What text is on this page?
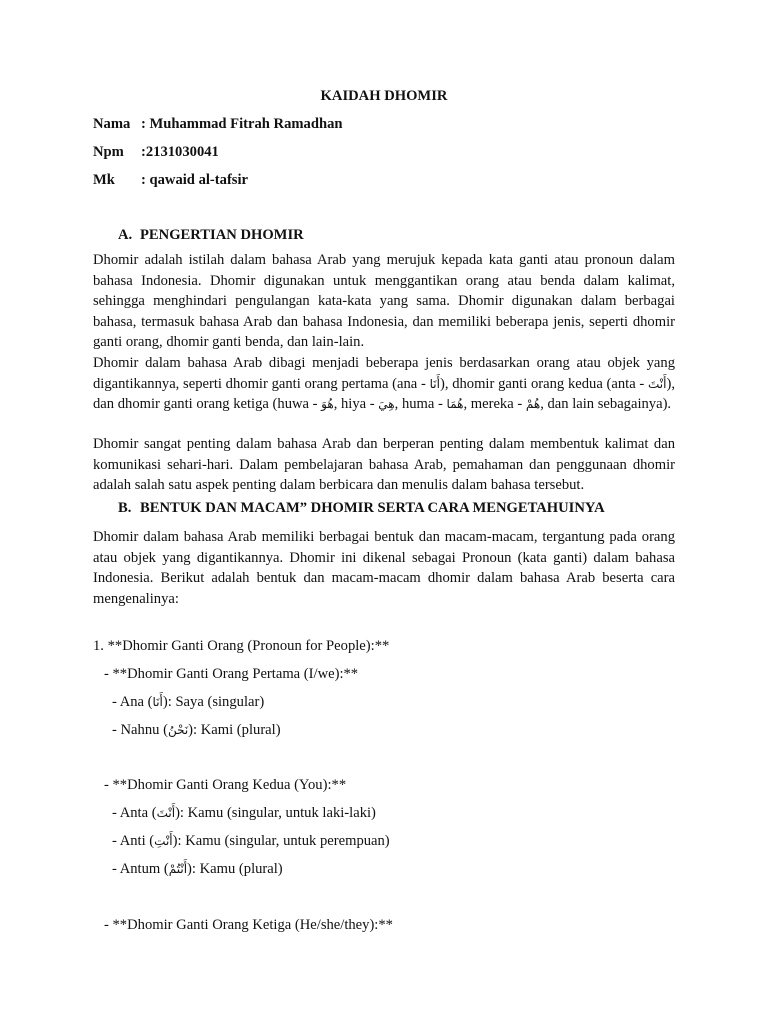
KAIDAH DHOMIR
Nama : Muhammad Fitrah Ramadhan
Npm :2131030041
Mk : qawaid al-tafsir
A. PENGERTIAN DHOMIR
Dhomir adalah istilah dalam bahasa Arab yang merujuk kepada kata ganti atau pronoun dalam bahasa Indonesia. Dhomir digunakan untuk menggantikan orang atau benda dalam kalimat, sehingga menghindari pengulangan kata-kata yang sama. Dhomir digunakan dalam berbagai bahasa, termasuk bahasa Arab dan bahasa Indonesia, dan memiliki beberapa jenis, seperti dhomir ganti orang, dhomir ganti benda, dan lain-lain.
Dhomir dalam bahasa Arab dibagi menjadi beberapa jenis berdasarkan orang atau objek yang digantikannya, seperti dhomir ganti orang pertama (ana - أَنَا), dhomir ganti orang kedua (anta - أَنْتَ), dan dhomir ganti orang ketiga (huwa - هُوَ, hiya - هِيَ, huma - هُمَا, mereka - هُمْ, dan lain sebagainya).
Dhomir sangat penting dalam bahasa Arab dan berperan penting dalam membentuk kalimat dan komunikasi sehari-hari. Dalam pembelajaran bahasa Arab, pemahaman dan penggunaan dhomir adalah salah satu aspek penting dalam berbicara dan menulis dalam bahasa tersebut.
B. BENTUK DAN MACAM” DHOMIR SERTA CARA MENGETAHUINYA
Dhomir dalam bahasa Arab memiliki berbagai bentuk dan macam-macam, tergantung pada orang atau objek yang digantikannya. Dhomir ini dikenal sebagai Pronoun (kata ganti) dalam bahasa Indonesia. Berikut adalah bentuk dan macam-macam dhomir dalam bahasa Arab beserta cara mengenalinya:
1. **Dhomir Ganti Orang (Pronoun for People):**
- **Dhomir Ganti Orang Pertama (I/we):**
- Ana (أَنَا): Saya (singular)
- Nahnu (نَحْنُ): Kami (plural)
- **Dhomir Ganti Orang Kedua (You):**
- Anta (أَنْتَ): Kamu (singular, untuk laki-laki)
- Anti (أَنْتِ): Kamu (singular, untuk perempuan)
- Antum (أَنْتُمْ): Kamu (plural)
- **Dhomir Ganti Orang Ketiga (He/she/they):**
